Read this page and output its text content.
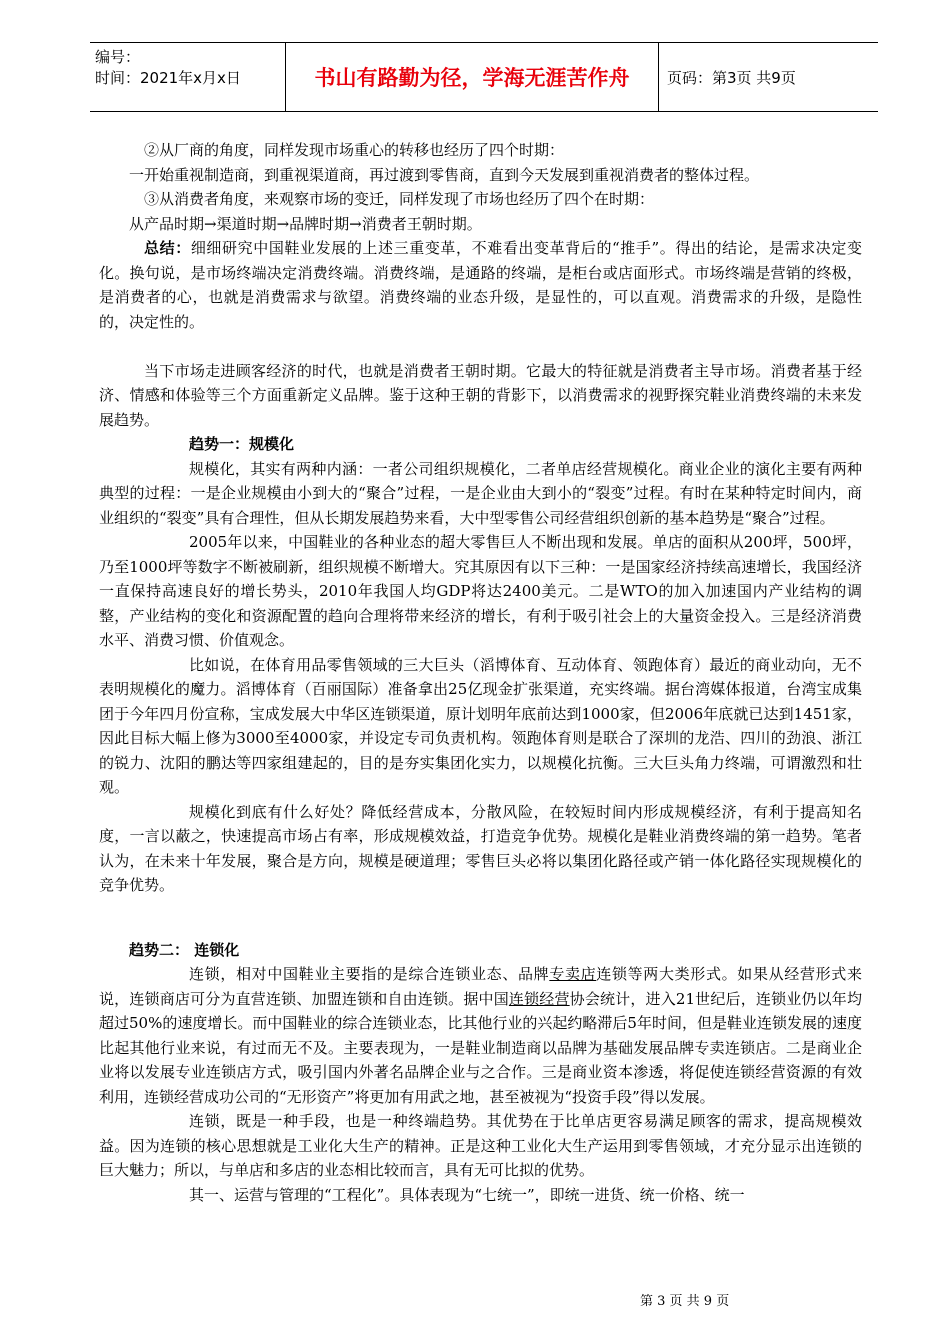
编号：
时间：2021年x月x日	书山有路勤为径，学海无涯苦作舟	页码：第3页 共9页

②从厂商的角度，同样发现市场重心的转移也经历了四个时期：

一开始重视制造商，到重视渠道商，再过渡到零售商，直到今天发展到重视消费者的整体过程。

③从消费者角度，来观察市场的变迁，同样发现了市场也经历了四个在时期：

从产品时期→渠道时期→品牌时期→消费者王朝时期。

总结：细细研究中国鞋业发展的上述三重变革，不难看出变革背后的“推手”。得出的结论，是需求决定变化。换句说，是市场终端决定消费终端。消费终端，是通路的终端，是柜台或店面形式。市场终端是营销的终极，是消费者的心，也就是消费需求与欲望。消费终端的业态升级，是显性的，可以直观。消费需求的升级，是隐性的，决定性的。

当下市场走进顾客经济的时代，也就是消费者王朝时期。它最大的特征就是消费者主导市场。消费者基于经济、情感和体验等三个方面重新定义品牌。鉴于这种王朝的背影下，以消费需求的视野探究鞋业消费终端的未来发展趋势。

趋势一：规模化

规模化，其实有两种内涵：一者公司组织规模化，二者单店经营规模化。商业企业的演化主要有两种典型的过程：一是企业规模由小到大的“聚合”过程，一是企业由大到小的“裂变”过程。有时在某种特定时间内，商业组织的“裂变”具有合理性，但从长期发展趋势来看，大中型零售公司经营组织创新的基本趋势是“聚合”过程。

2005年以来，中国鞋业的各种业态的超大零售巨人不断出现和发展。单店的面积从200坪，500坪，乃至1000坪等数字不断被刷新，组织规模不断增大。究其原因有以下三种：一是国家经济持续高速增长，我国经济一直保持高速良好的增长势头，2010年我国人均GDP将达2400美元。二是WTO的加入加速国内产业结构的调整，产业结构的变化和资源配置的趋向合理将带来经济的增长，有利于吸引社会上的大量资金投入。三是经济消费水平、消费习惯、价值观念。

比如说，在体育用品零售领域的三大巨头（滔博体育、互动体育、领跑体育）最近的商业动向，无不表明规模化的魔力。滔博体育（百丽国际）准备拿出25亿现金扩张渠道，充实终端。据台湾媒体报道，台湾宝成集团于今年四月份宣称，宝成发展大中华区连锁渠道，原计划明年底前达到1000家，但2006年底就已达到1451家，因此目标大幅上修为3000至4000家，并设定专司负责机构。领跑体育则是联合了深圳的龙浩、四川的劲浪、浙江的锐力、沈阳的鹏达等四家组建起的，目的是夯实集团化实力，以规模化抗衡。三大巨头角力终端，可谓激烈和壮观。

规模化到底有什么好处？降低经营成本，分散风险，在较短时间内形成规模经济，有利于提高知名度，一言以蔽之，快速提高市场占有率，形成规模效益，打造竞争优势。规模化是鞋业消费终端的第一趋势。笔者认为，在未来十年发展，聚合是方向，规模是硬道理；零售巨头必将以集团化路径或产销一体化路径实现规模化的竞争优势。

趋势二： 连锁化

连锁，相对中国鞋业主要指的是综合连锁业态、品牌专卖店连锁等两大类形式。如果从经营形式来说，连锁商店可分为直营连锁、加盟连锁和自由连锁。据中国连锁经营协会统计，进入21世纪后，连锁业仍以年均超过50%的速度增长。而中国鞋业的综合连锁业态，比其他行业的兴起约略滞后5年时间，但是鞋业连锁发展的速度比起其他行业来说，有过而无不及。主要表现为，一是鞋业制造商以品牌为基础发展品牌专卖连锁店。二是商业企业将以发展专业连锁店方式，吸引国内外著名品牌企业与之合作。三是商业资本渗透，将促使连锁经营资源的有效利用，连锁经营成功公司的“无形资产”将更加有用武之地，甚至被视为“投资手段”得以发展。

连锁，既是一种手段，也是一种终端趋势。其优势在于比单店更容易满足顾客的需求，提高规模效益。因为连锁的核心思想就是工业化大生产的精神。正是这种工业化大生产运用到零售领域，才充分显示出连锁的巨大魅力；所以，与单店和多店的业态相比较而言，具有无可比拟的优势。

其一、运营与管理的“工程化”。具体表现为“七统一”，即统一进货、统一价格、统一

第 3 页 共 9 页
